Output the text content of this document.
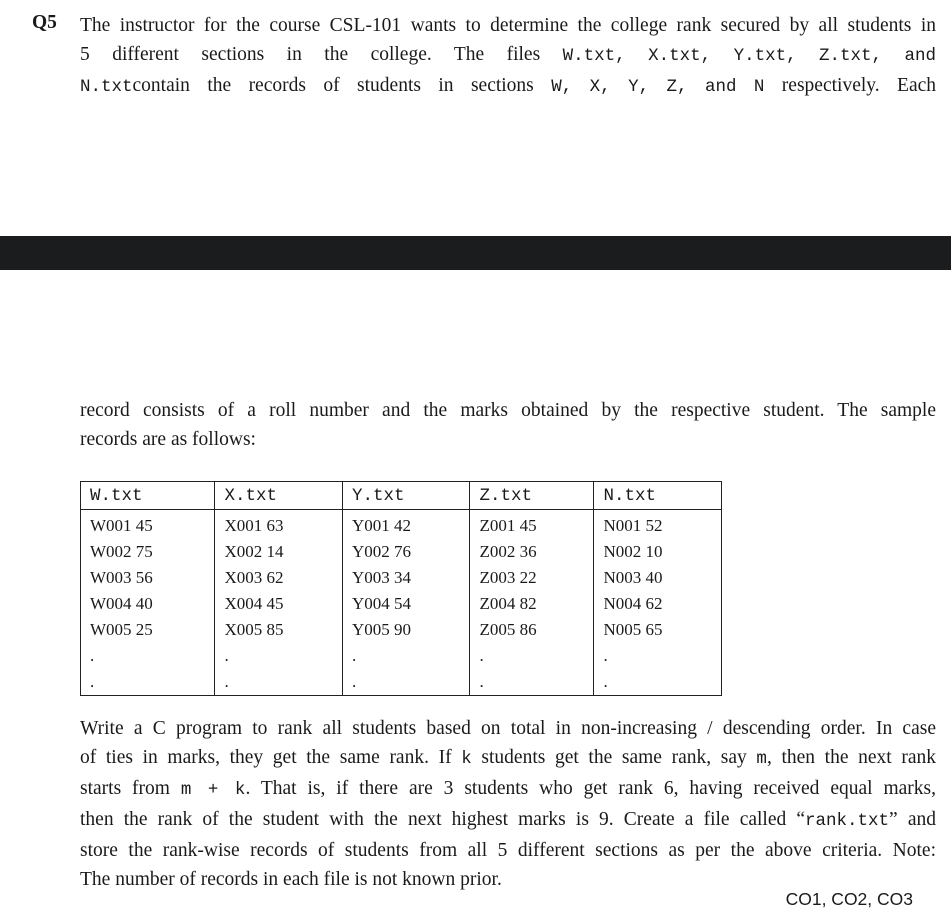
Q5 The instructor for the course CSL-101 wants to determine the college rank secured by all students in
5 different sections in the college. The files W.txt, X.txt, Y.txt, Z.txt, and
N.txtcontain the records of students in sections W, X, Y, Z, and N respectively. Each

record consists of a roll number and the marks obtained by the respective student. The sample
records are as follows:

W.txt	X.txt	Y.txt	Z.txt	N.txt
W001 45	X001 63	Y001 42	Z001 45	N001 52
W002 75	X002 14	Y002 76	Z002 36	N002 10
W003 56	X003 62	Y003 34	Z003 22	N003 40
W004 40	X004 45	Y004 54	Z004 82	N004 62
W005 25	X005 85	Y005 90	Z005 86	N005 65
.	.	.	.	.
.	.	.	.	.

Write a C program to rank all students based on total in non-increasing / descending order. In case
of ties in marks, they get the same rank. If k students get the same rank, say m, then the next rank
starts from m + k. That is, if there are 3 students who get rank 6, having received equal marks,
then the rank of the student with the next highest marks is 9. Create a file called “rank.txt” and
store the rank-wise records of students from all 5 different sections as per the above criteria. Note:
The number of records in each file is not known prior.

CO1, CO2, CO3
